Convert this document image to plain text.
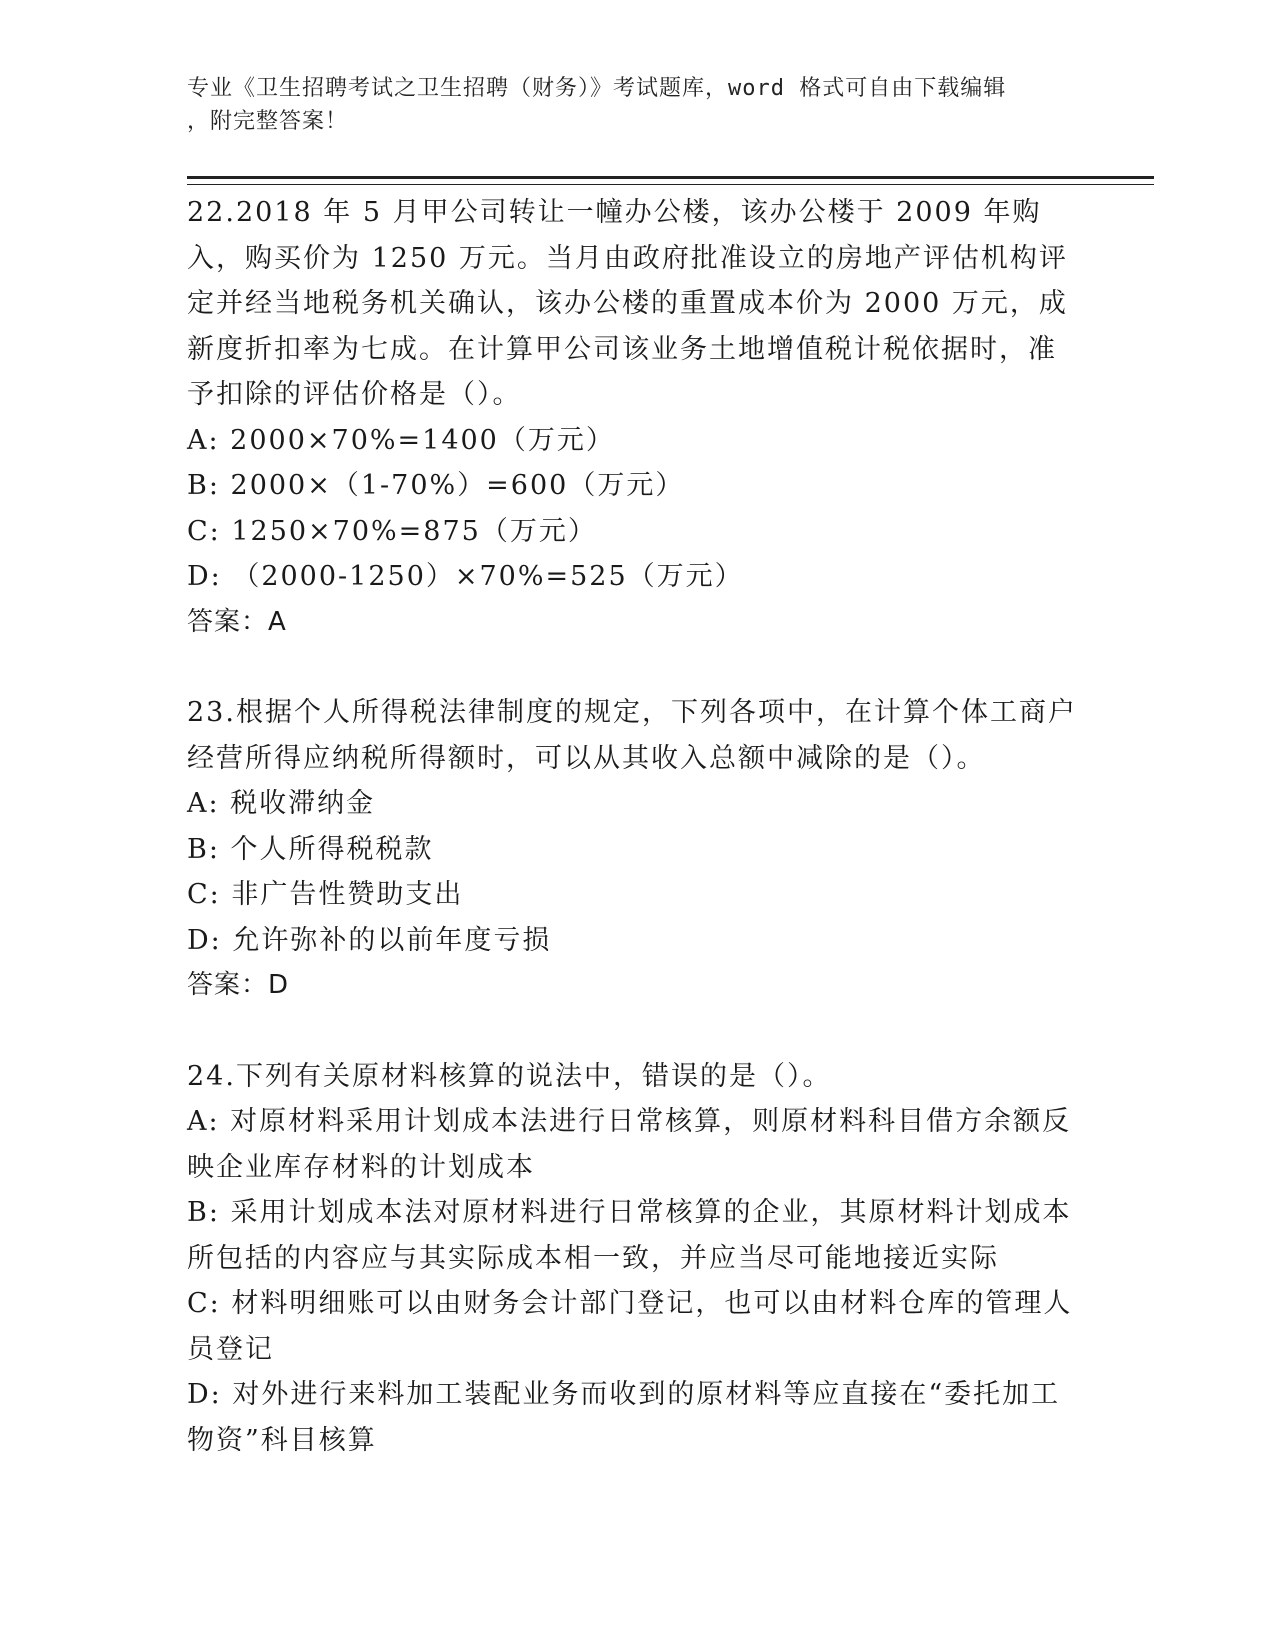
专业《卫生招聘考试之卫生招聘（财务）》考试题库，word 格式可自由下载编辑
，附完整答案！

22.2018 年 5 月甲公司转让一幢办公楼，该办公楼于 2009 年购入，购买价为 1250 万元。当月由政府批准设立的房地产评估机构评定并经当地税务机关确认，该办公楼的重置成本价为 2000 万元，成新度折扣率为七成。在计算甲公司该业务土地增值税计税依据时，准予扣除的评估价格是（）。

A: 2000×70%=1400（万元）

B: 2000×（1-70%）=600（万元）

C: 1250×70%=875（万元）

D: （2000-1250）×70%=525（万元）

答案：A

23.根据个人所得税法律制度的规定，下列各项中，在计算个体工商户经营所得应纳税所得额时，可以从其收入总额中减除的是（）。

A: 税收滞纳金

B: 个人所得税税款

C: 非广告性赞助支出

D: 允许弥补的以前年度亏损

答案：D

24.下列有关原材料核算的说法中，错误的是（）。

A: 对原材料采用计划成本法进行日常核算，则原材料科目借方余额反映企业库存材料的计划成本

B: 采用计划成本法对原材料进行日常核算的企业，其原材料计划成本所包括的内容应与其实际成本相一致，并应当尽可能地接近实际

C: 材料明细账可以由财务会计部门登记，也可以由材料仓库的管理人员登记

D: 对外进行来料加工装配业务而收到的原材料等应直接在“委托加工物资”科目核算
